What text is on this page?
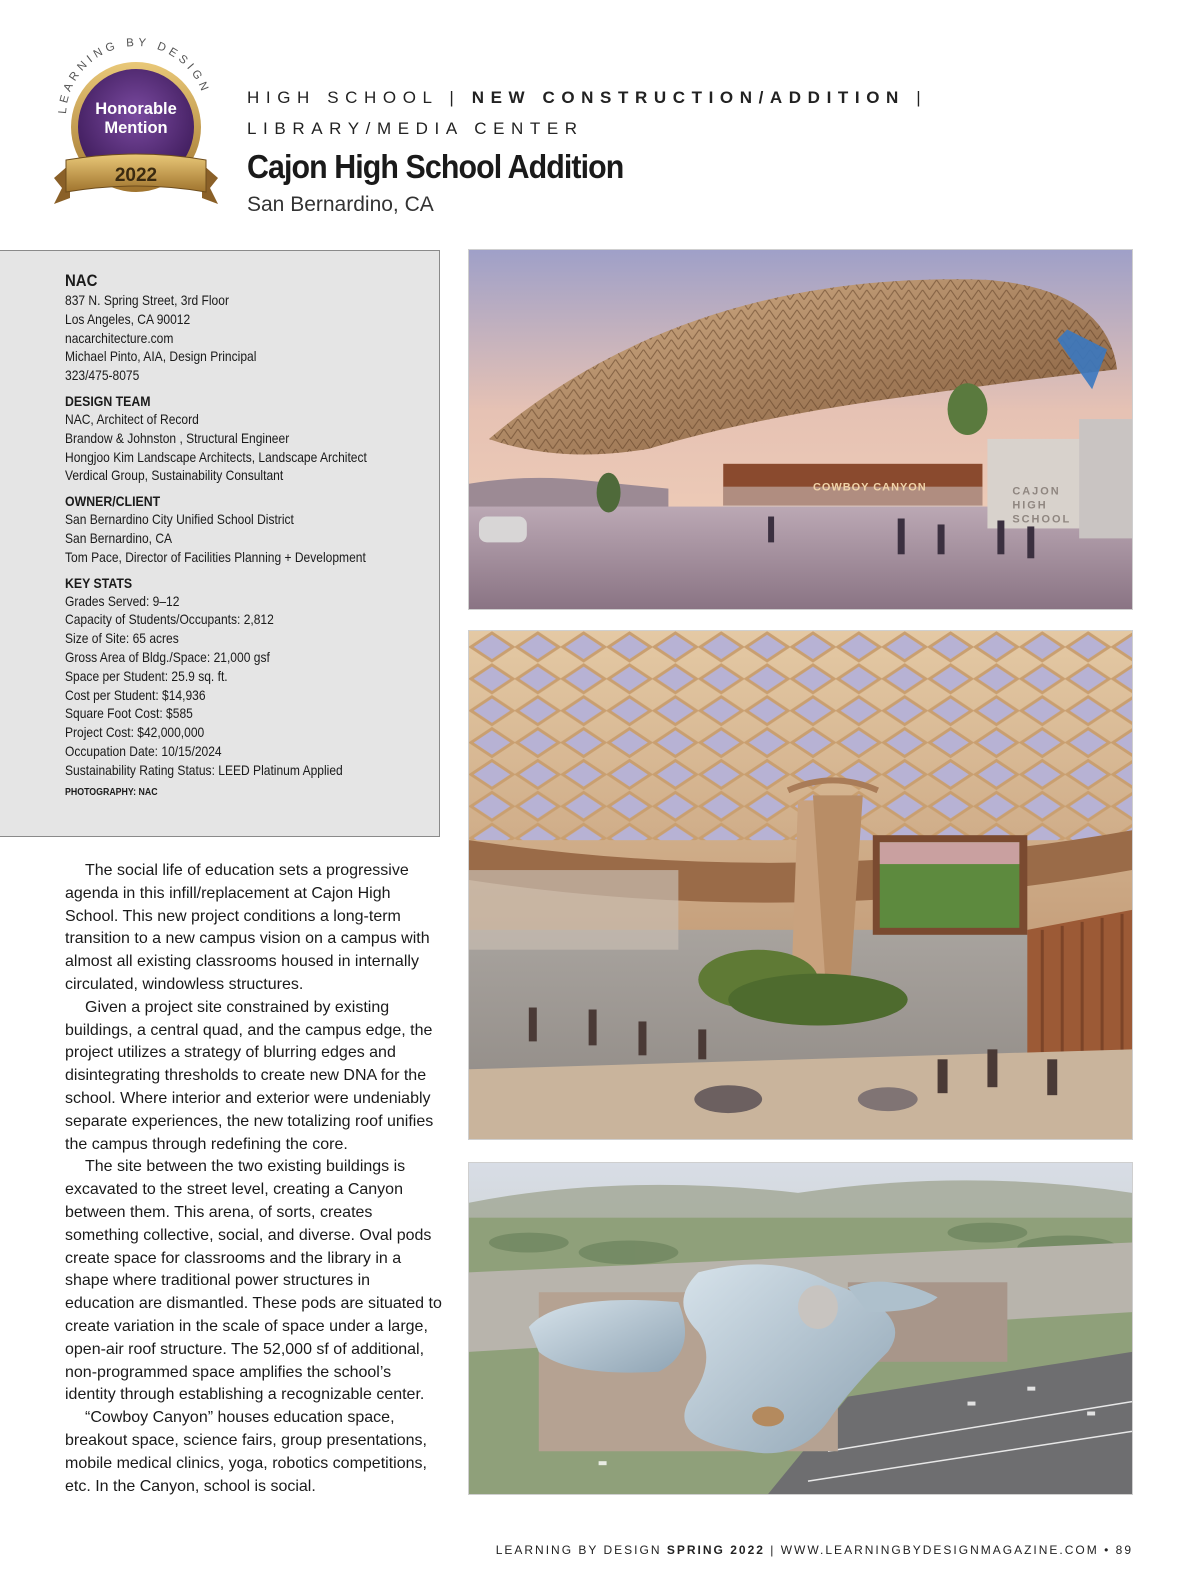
LEARNING BY DESIGN
Honorable
Mention
2022
HIGH SCHOOL | NEW CONSTRUCTION/ADDITION |
LIBRARY/MEDIA CENTER
Cajon High School Addition
San Bernardino, CA
NAC
837 N. Spring Street, 3rd Floor
Los Angeles, CA 90012
nacarchitecture.com
Michael Pinto, AIA, Design Principal
323/475-8075
DESIGN TEAM
NAC, Architect of Record
Brandow & Johnston , Structural Engineer
Hongjoo Kim Landscape Architects, Landscape Architect
Verdical Group, Sustainability Consultant
OWNER/CLIENT
San Bernardino City Unified School District
San Bernardino, CA
Tom Pace, Director of Facilities Planning + Development
KEY STATS
Grades Served: 9–12
Capacity of Students/Occupants: 2,812
Size of Site: 65 acres
Gross Area of Bldg./Space: 21,000 gsf
Space per Student: 25.9 sq. ft.
Cost per Student: $14,936
Square Foot Cost: $585
Project Cost: $42,000,000
Occupation Date: 10/15/2024
Sustainability Rating Status: LEED Platinum Applied
PHOTOGRAPHY: NAC

The social life of education sets a progressive agenda in this infill/replacement at Cajon High School. This new project conditions a long-term transition to a new campus vision on a campus with almost all existing classrooms housed in internally circulated, windowless structures.

Given a project site constrained by existing buildings, a central quad, and the campus edge, the project utilizes a strategy of blurring edges and disintegrating thresholds to create new DNA for the school. Where interior and exterior were undeniably separate experiences, the new totalizing roof unifies the campus through redefining the core.

The site between the two existing buildings is excavated to the street level, creating a Canyon between them. This arena, of sorts, creates something collective, social, and diverse. Oval pods create space for classrooms and the library in a shape where traditional power structures in education are dismantled. These pods are situated to create variation in the scale of space under a large, open-air roof structure. The 52,000 sf of additional, non-programmed space amplifies the school’s identity through establishing a recognizable center.

“Cowboy Canyon” houses education space, breakout space, science fairs, group presentations, mobile medical clinics, yoga, robotics competitions, etc. In the Canyon, school is social.

COWBOY CANYON	CAJON
HIGH
SCHOOL
LEARNING BY DESIGN SPRING 2022 | WWW.LEARNINGBYDESIGNMAGAZINE.COM • 89
